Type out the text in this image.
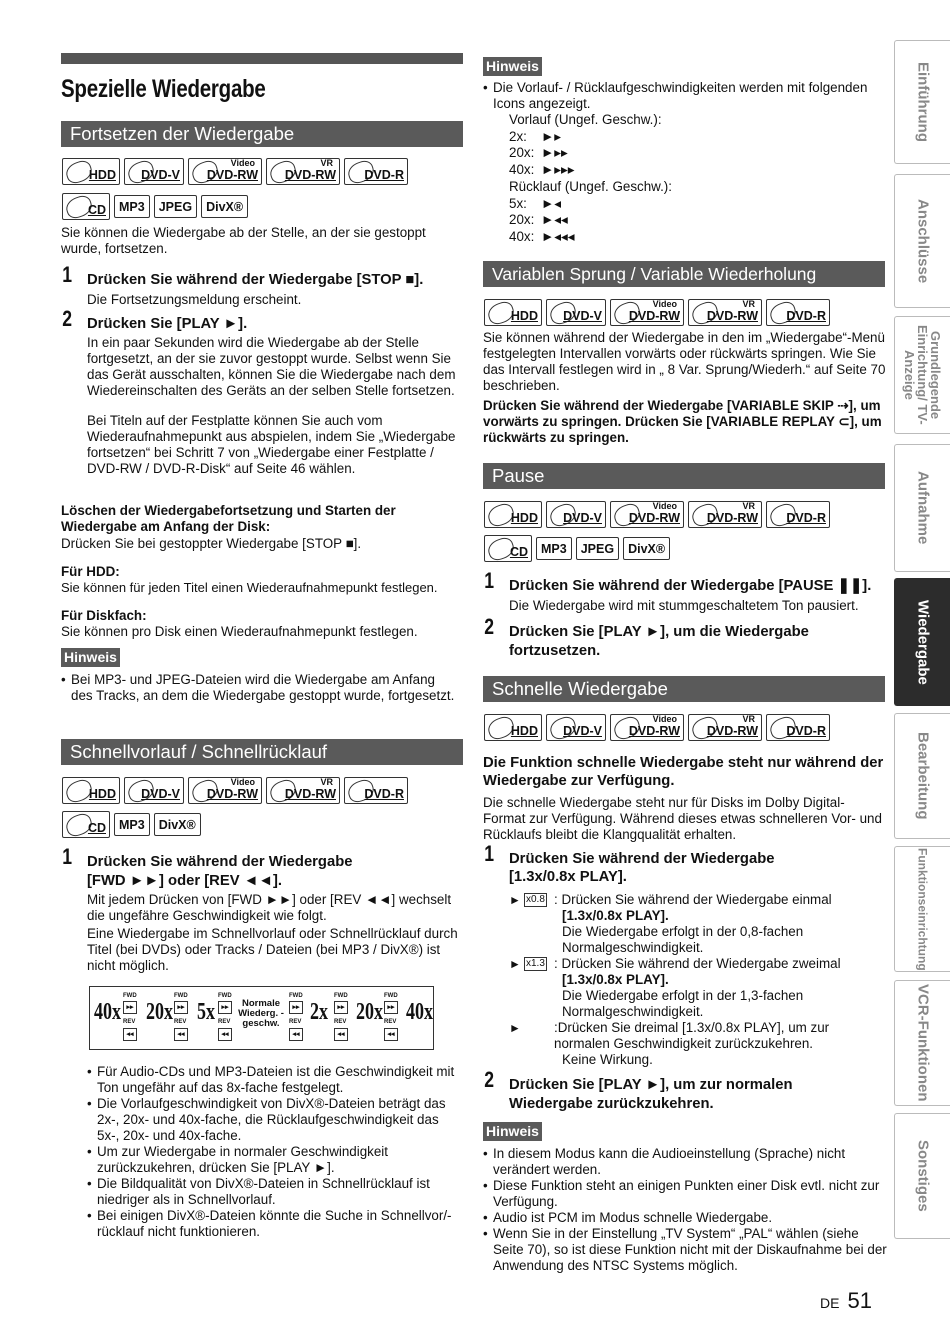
Spezielle Wiedergabe
Fortsetzen der Wiedergabe
HDD DVD-V
Video
DVD-RW
VR
DVD-RW DVD-R
CD	MP3	JPEG	DivX®
Sie können die Wiedergabe ab der Stelle, an der sie gestoppt wurde, fortsetzen.
1 Drücken Sie während der Wiedergabe [STOP ■].
Die Fortsetzungsmeldung erscheint.
2 Drücken Sie [PLAY ►].
In ein paar Sekunden wird die Wiedergabe ab der Stelle fortgesetzt, an der sie zuvor gestoppt wurde. Selbst wenn Sie das Gerät ausschalten, können Sie die Wiedergabe nach dem Wiedereinschalten des Geräts an der selben Stelle fortsetzen.
Bei Titeln auf der Festplatte können Sie auch vom Wiederaufnahmepunkt aus abspielen, indem Sie „Wiedergabe fortsetzen“ bei Schritt 7 von „Wiedergabe einer Festplatte / DVD-RW / DVD-R-Disk“ auf Seite 46 wählen.
Löschen der Wiedergabefortsetzung und Starten der Wiedergabe am Anfang der Disk:
Drücken Sie bei gestoppter Wiedergabe [STOP ■].
Für HDD:
Sie können für jeden Titel einen Wiederaufnahmepunkt festlegen.
Für Diskfach:
Sie können pro Disk einen Wiederaufnahmepunkt festlegen.
Hinweis
• Bei MP3- und JPEG-Dateien wird die Wiedergabe am Anfang des Tracks, an dem die Wiedergabe gestoppt wurde, fortgesetzt.
Schnellvorlauf / Schnellrücklauf
HDD DVD-V
Video
DVD-RW
VR
DVD-RW DVD-R
CD	MP3	DivX®
1 Drücken Sie während der Wiedergabe
[FWD ►►] oder [REV ◄◄].
Mit jedem Drücken von [FWD ►►] oder [REV ◄◄] wechselt die ungefähre Geschwindigkeit wie folgt.
Eine Wiedergabe im Schnellvorlauf oder Schnellrücklauf durch Titel (bei DVDs) oder Tracks / Dateien (bei MP3 / DivX®) ist nicht möglich.
40x 20x 5x	2x 20x 40x
Normale Wiederg. -geschw.
FWD	FWD	FWD	FWD	FWD	FWD
▸▸	▸▸	▸▸	▸▸	▸▸	▸▸
REV	REV	REV	REV	REV	REV
◂◂	◂◂	◂◂	◂◂	◂◂	◂◂
• Für Audio-CDs und MP3-Dateien ist die Geschwindigkeit mit Ton ungefähr auf das 8x-fache festgelegt.
• Die Vorlaufgeschwindigkeit von DivX®-Dateien beträgt das 2x-, 20x- und 40x-fache, die Rücklaufgeschwindigkeit das 5x-, 20x- und 40x-fache.
• Um zur Wiedergabe in normaler Geschwindigkeit zurückzukehren, drücken Sie [PLAY ►].
• Die Bildqualität von DivX®-Dateien in Schnellrücklauf ist niedriger als in Schnellvorlauf.
• Bei einigen DivX®-Dateien könnte die Suche in Schnellvor/-rücklauf nicht funktionieren.
Hinweis
• Die Vorlauf- / Rücklaufgeschwindigkeiten werden mit folgenden Icons angezeigt.
Vorlauf (Ungef. Geschw.):
2x: ►▸
20x: ►▸▸
40x: ►▸▸▸
Rücklauf (Ungef. Geschw.):
5x: ►◂
20x: ►◂◂
40x: ►◂◂◂
Variablen Sprung / Variable Wiederholung
HDD DVD-V
Video
DVD-RW
VR
DVD-RW DVD-R
Sie können während der Wiedergabe in den im „Wiedergabe“-Menü festgelegten Intervallen vorwärts oder rückwärts springen. Wie Sie das Intervall festlegen wird in „ 8 Var. Sprung/Wiederh.“ auf Seite 70 beschrieben.
Drücken Sie während der Wiedergabe [VARIABLE SKIP ⇢], um vorwärts zu springen. Drücken Sie [VARIABLE REPLAY ⊂], um rückwärts zu springen.
Pause
HDD DVD-V
Video
DVD-RW
VR
DVD-RW DVD-R
CD	MP3	JPEG	DivX®
1 Drücken Sie während der Wiedergabe [PAUSE ❚❚].
Die Wiedergabe wird mit stummgeschaltetem Ton pausiert.
2 Drücken Sie [PLAY ►], um die Wiedergabe
fortzusetzen.
Schnelle Wiedergabe
HDD DVD-V
Video
DVD-RW
VR
DVD-RW DVD-R
Die Funktion schnelle Wiedergabe steht nur während der Wiedergabe zur Verfügung.
Die schnelle Wiedergabe steht nur für Disks im Dolby Digital-Format zur Verfügung. Während dieses etwas schnelleren Vor- und Rücklaufs bleibt die Klangqualität erhalten.
1 Drücken Sie während der Wiedergabe
[1.3x/0.8x PLAY].
► x0.8 : Drücken Sie während der Wiedergabe einmal
[1.3x/0.8x PLAY].
Die Wiedergabe erfolgt in der 0,8-fachen Normalgeschwindigkeit.
► x1.3 : Drücken Sie während der Wiedergabe zweimal
[1.3x/0.8x PLAY].
Die Wiedergabe erfolgt in der 1,3-fachen Normalgeschwindigkeit.
► :Drücken Sie dreimal [1.3x/0.8x PLAY], um zur normalen Geschwindigkeit zurückzukehren.
Keine Wirkung.
2 Drücken Sie [PLAY ►], um zur normalen
Wiedergabe zurückzukehren.
Hinweis
• In diesem Modus kann die Audioeinstellung (Sprache) nicht verändert werden.
• Diese Funktion steht an einigen Punkten einer Disk evtl. nicht zur Verfügung.
• Audio ist PCM im Modus schnelle Wiedergabe.
• Wenn Sie in der Einstellung „TV System“ „PAL“ wählen (siehe Seite 70), so ist diese Funktion nicht mit der Diskaufnahme bei der Anwendung des NTSC Systems möglich.
Einführung
Anschlüsse
Grundlegende Einrichtung/ TV-Anzeige
Aufnahme
Wiedergabe
Bearbeitung
Funktionseinrichtung
VCR-Funktionen
Sonstiges
DE 51
